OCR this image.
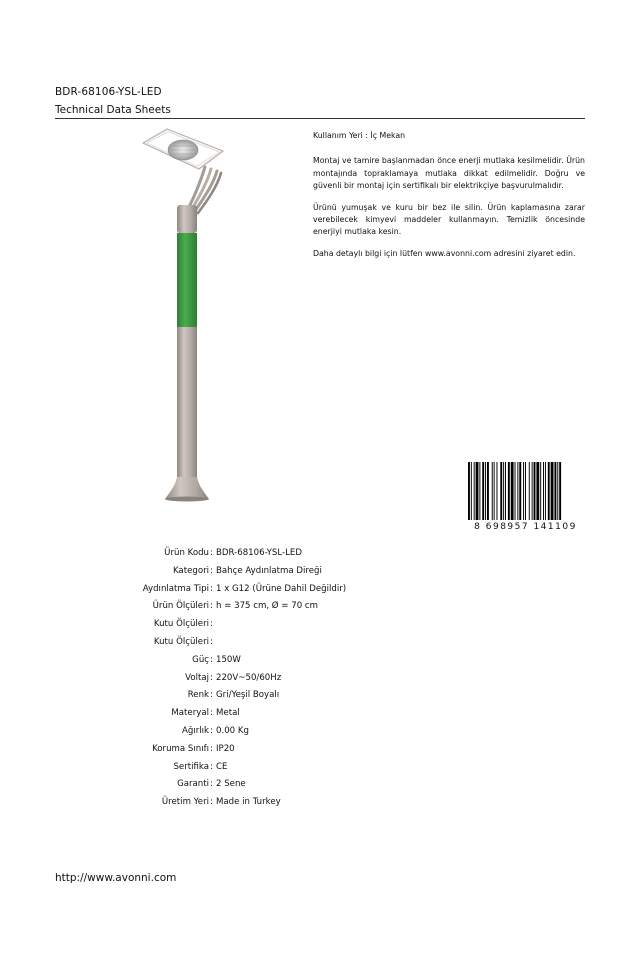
BDR-68106-YSL-LED
Technical Data Sheets

Kullanım Yeri : İç Mekan

Montaj ve tamire başlanmadan önce enerji mutlaka kesilmelidir. Ürün montajında topraklamaya mutlaka dikkat edilmelidir. Doğru ve güvenli bir montaj için sertifikalı bir elektrikçiye başvurulmalıdır.

Ürünü yumuşak ve kuru bir bez ile silin. Ürün kaplamasına zarar verebilecek kimyevi maddeler kullanmayın. Temizlik öncesinde enerjiyi mutlaka kesin.

Daha detaylı bilgi için lütfen www.avonni.com adresini ziyaret edin.

8 698957 141109
Ürün Kodu : BDR-68106-YSL-LED
Kategori : Bahçe Aydınlatma Direği
Aydınlatma Tipi : 1 x G12 (Ürüne Dahil Değildir)
Ürün Ölçüleri : h = 375 cm, Ø = 70 cm
Kutu Ölçüleri :
Kutu Ölçüleri :
Güç : 150W
Voltaj : 220V~50/60Hz
Renk : Gri/Yeşil Boyalı
Materyal : Metal
Ağırlık : 0.00 Kg
Koruma Sınıfı : IP20
Sertifika : CE
Garanti : 2 Sene
Üretim Yeri : Made in Turkey
http://www.avonni.com
